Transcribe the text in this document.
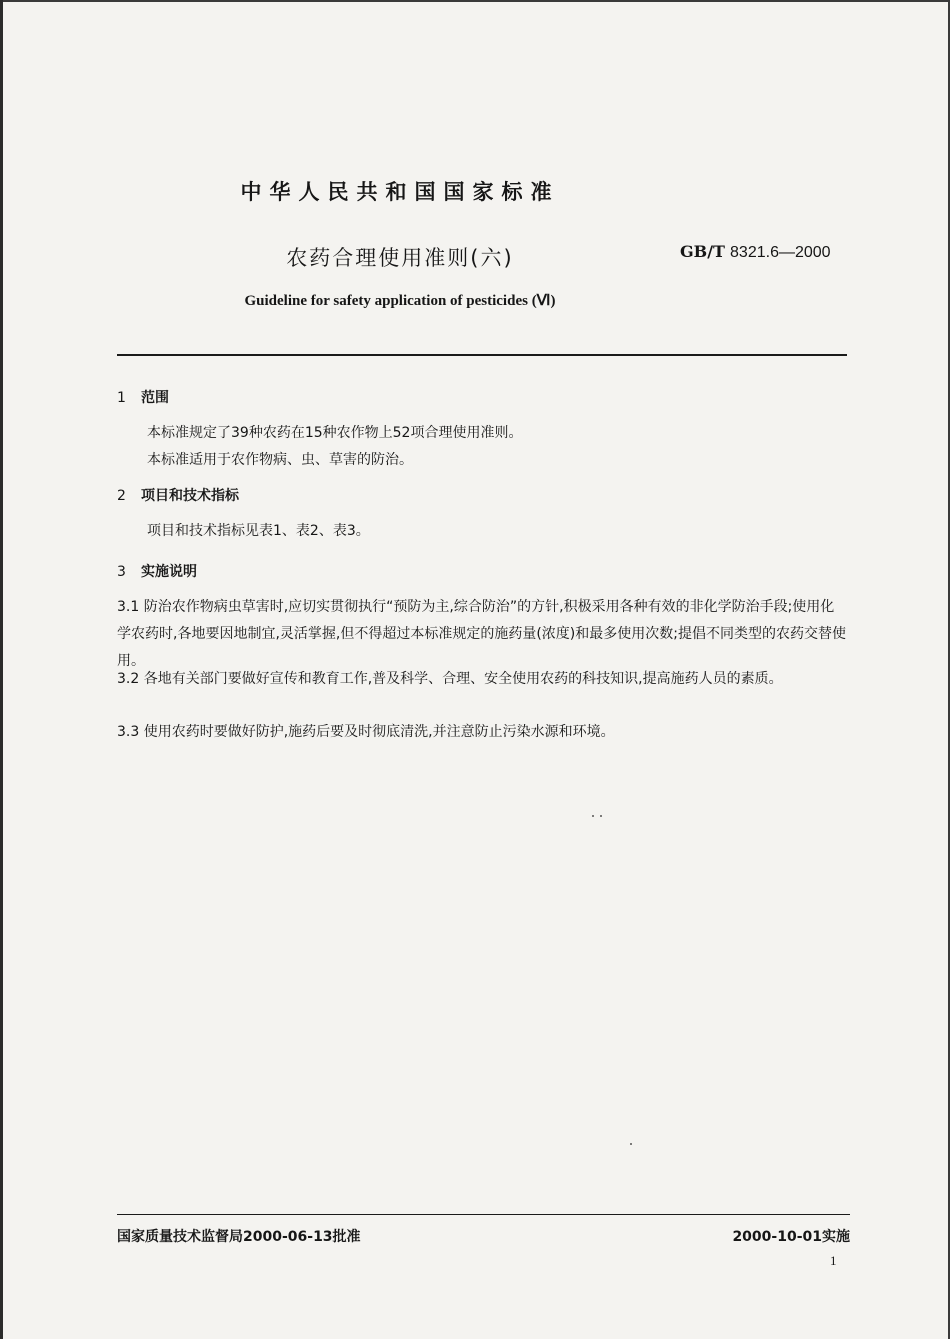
中华人民共和国国家标准
农药合理使用准则(六)	GB/T 8321.6—2000
Guideline for safety application of pesticides (Ⅵ)
1 范围
本标准规定了39种农药在15种农作物上52项合理使用准则。
本标准适用于农作物病、虫、草害的防治。
2 项目和技术指标
项目和技术指标见表1、表2、表3。
3 实施说明
3.1 防治农作物病虫草害时,应切实贯彻执行“预防为主,综合防治”的方针,积极采用各种有效的非化学防治手段;使用化学农药时,各地要因地制宜,灵活掌握,但不得超过本标准规定的施药量(浓度)和最多使用次数;提倡不同类型的农药交替使用。
3.2 各地有关部门要做好宣传和教育工作,普及科学、合理、安全使用农药的科技知识,提高施药人员的素质。
3.3 使用农药时要做好防护,施药后要及时彻底清洗,并注意防止污染水源和环境。
国家质量技术监督局2000-06-13批准	2000-10-01实施
1
